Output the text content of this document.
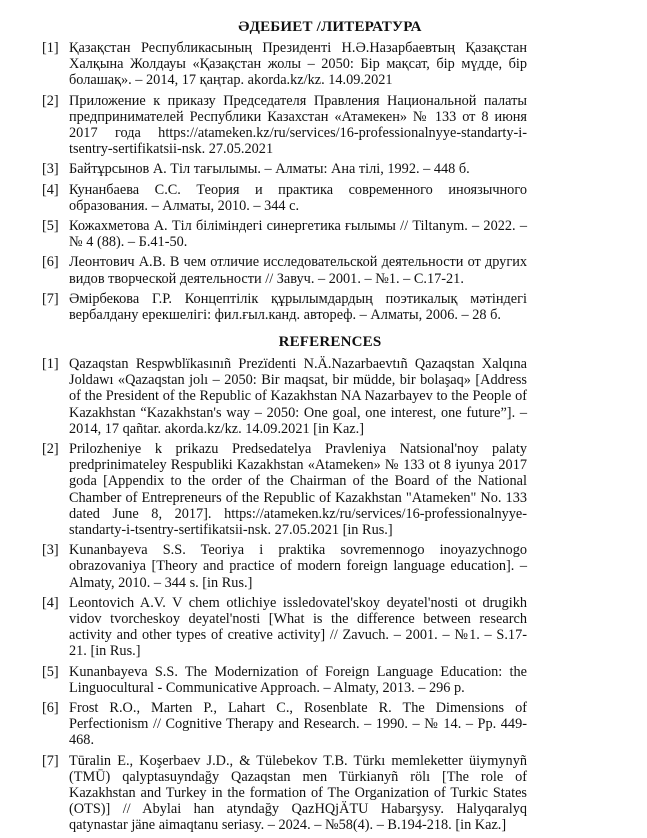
ӘДЕБИЕТ /ЛИТЕРАТУРА
[1] Қазақстан Республикасының Президенті Н.Ә.Назарбаевтың Қазақстан Халқына Жолдауы «Қазақстан жолы – 2050: Бір мақсат, бір мүдде, бір болашақ». – 2014, 17 қаңтар. akorda.kz/kz. 14.09.2021
[2] Приложение к приказу Председателя Правления Национальной палаты предпринимателей Республики Казахстан «Атамекен» № 133 от 8 июня 2017 года https://atameken.kz/ru/services/16-professionalnyye-standarty-i-tsentry-sertifikatsii-nsk. 27.05.2021
[3] Байтұрсынов А. Тіл тағылымы. – Алматы: Ана тілі, 1992. – 448 б.
[4] Кунанбаева С.С. Теория и практика современного иноязычного образования. – Алматы, 2010. – 344 с.
[5] Кожахметова А. Тіл біліміндегі синергетика ғылымы // Tiltanym. – 2022. – № 4 (88). – Б.41-50.
[6] Леонтович А.В. В чем отличие исследовательской деятельности от других видов творческой деятельности // Завуч. – 2001. – №1. – С.17-21.
[7] Әмірбекова Г.Р. Концептілік құрылымдардың поэтикалық мәтіндегі вербалдану ерекшелігі: фил.ғыл.канд. автореф. – Алматы, 2006. – 28 б.
REFERENCES
[1] Qazaqstan Respwblïkasınıñ Prezïdenti N.Ä.Nazarbaevtıñ Qazaqstan Xalqına Joldawı «Qazaqstan jolı – 2050: Bir maqsat, bir müdde, bir bolaşaq» [Address of the President of the Republic of Kazakhstan NA Nazarbayev to the People of Kazakhstan “Kazakhstan's way – 2050: One goal, one interest, one future”]. – 2014, 17 qañtar. akorda.kz/kz. 14.09.2021 [in Kaz.]
[2] Prilozheniye k prikazu Predsedatelya Pravleniya Natsional'noy palaty predprinimateley Respubliki Kazakhstan «Atameken» № 133 ot 8 iyunya 2017 goda [Appendix to the order of the Chairman of the Board of the National Chamber of Entrepreneurs of the Republic of Kazakhstan "Atameken" No. 133 dated June 8, 2017]. https://atameken.kz/ru/services/16-professionalnyye-standarty-i-tsentry-sertifikatsii-nsk. 27.05.2021 [in Rus.]
[3] Kunanbayeva S.S. Teoriya i praktika sovremennogo inoyazychnogo obrazovaniya [Theory and practice of modern foreign language education]. – Almaty, 2010. – 344 s. [in Rus.]
[4] Leontovich A.V. V chem otlichiye issledovatel'skoy deyatel'nosti ot drugikh vidov tvorcheskoy deyatel'nosti [What is the difference between research activity and other types of creative activity] // Zavuch. – 2001. – №1. – S.17-21. [in Rus.]
[5] Kunanbayeva S.S. The Modernization of Foreign Language Education: the Linguocultural - Communicative Approach. – Almaty, 2013. – 296 p.
[6] Frost R.O., Marten P., Lahart C., Rosenblate R. The Dimensions of Perfectionism // Cognitive Therapy and Research. – 1990. – № 14. – Pp. 449-468.
[7] Tūralin E., Koşerbaev J.D., & Tülebekov T.B. Türkı memleketter üiymynyñ (TMŪ) qalyptasuyndağy Qazaqstan men Türkianyñ rölı [The role of Kazakhstan and Turkey in the formation of The Organization of Turkic States (OTS)] // Abylai han atyndağy QazHQjÄTU Habarşysy. Halyqaralyq qatynastar jäne aimaqtanu seriasy. – 2024. – №58(4). – B.194-218. [in Kaz.]
